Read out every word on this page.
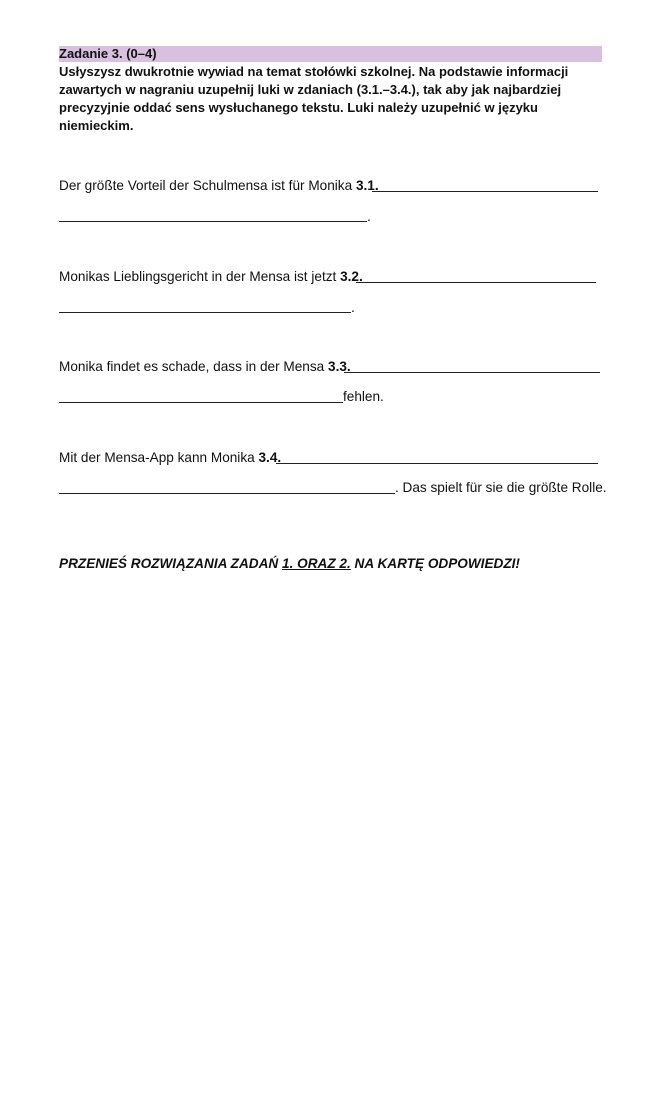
Zadanie 3. (0–4)
Usłyszysz dwukrotnie wywiad na temat stołówki szkolnej. Na podstawie informacji zawartych w nagraniu uzupełnij luki w zdaniach (3.1.–3.4.), tak aby jak najbardziej precyzyjnie oddać sens wysłuchanego tekstu. Luki należy uzupełnić w języku niemieckim.
Der größte Vorteil der Schulmensa ist für Monika 3.1.
.
Monikas Lieblingsgericht in der Mensa ist jetzt 3.2.
.
Monika findet es schade, dass in der Mensa 3.3.
fehlen.
Mit der Mensa-App kann Monika 3.4.
. Das spielt für sie die größte Rolle.
PRZENIEŚ ROZWIĄZANIA ZADAŃ 1. ORAZ 2. NA KARTĘ ODPOWIEDZI!
